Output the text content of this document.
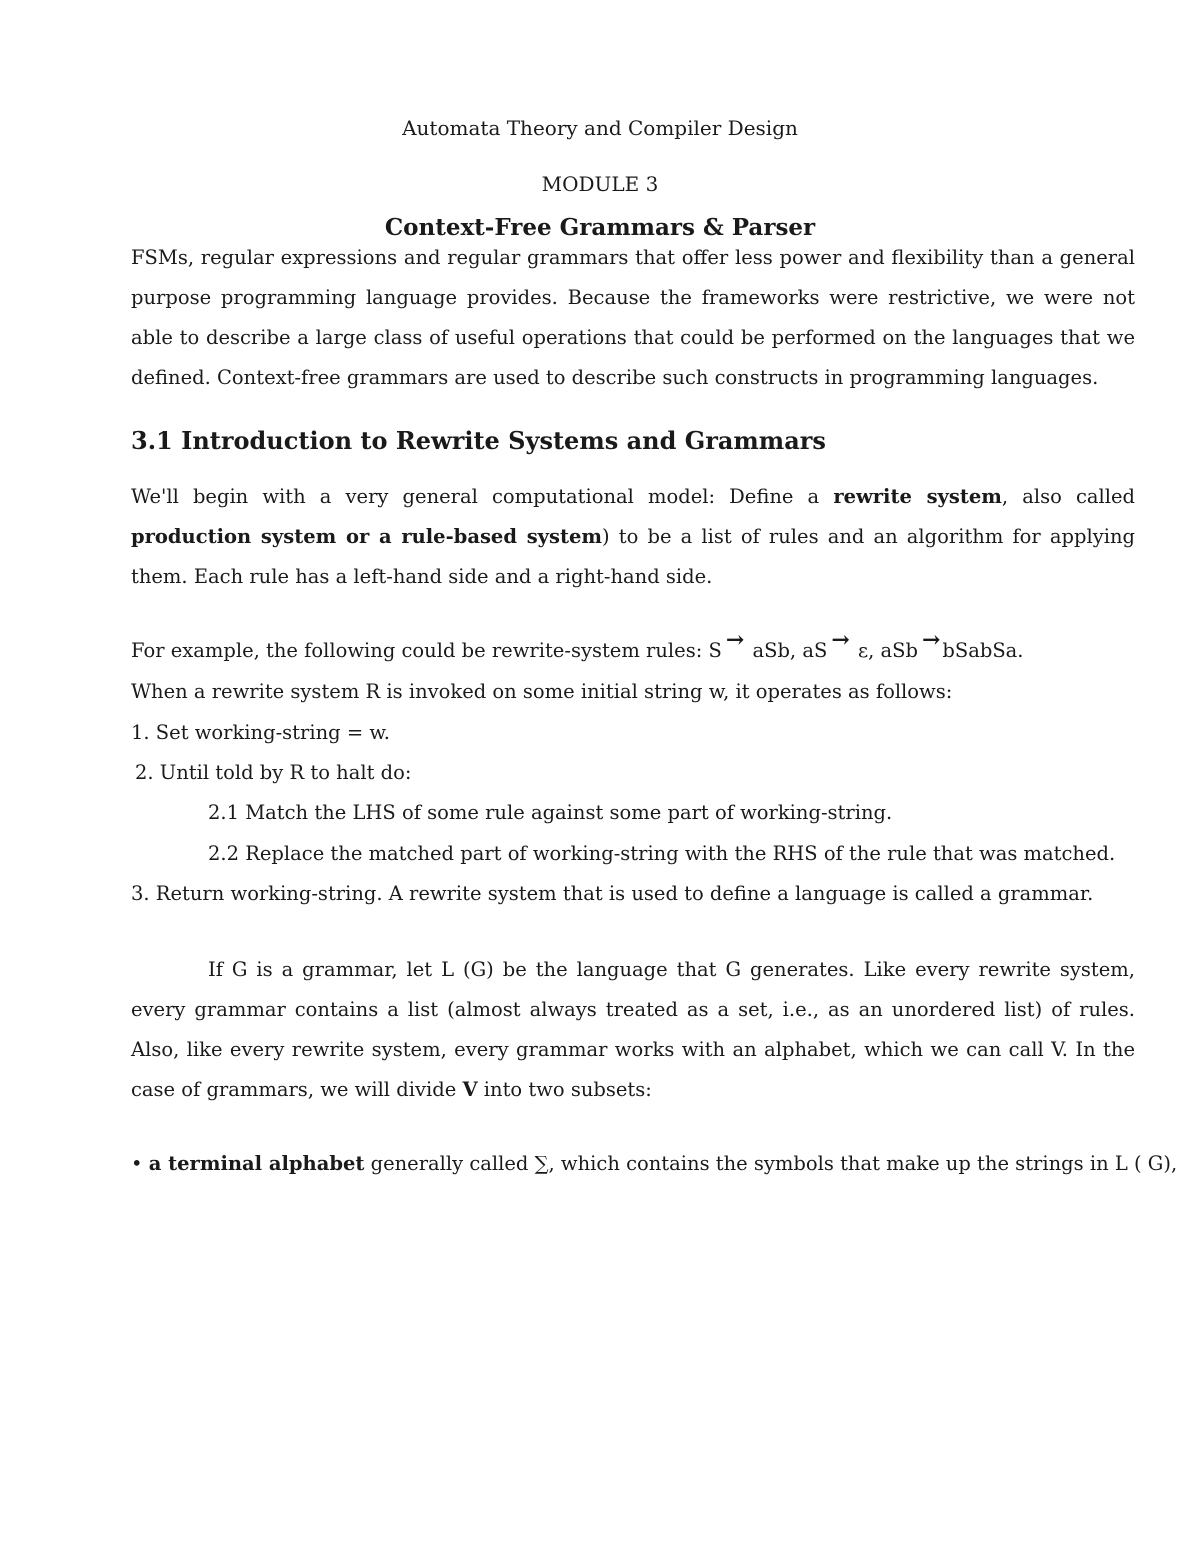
Automata Theory and Compiler Design
MODULE 3
Context-Free Grammars & Parser
FSMs, regular expressions and regular grammars that offer less power and flexibility than a general purpose programming language provides. Because the frameworks were restrictive, we were not able to describe a large class of useful operations that could be performed on the languages that we defined. Context-free grammars are used to describe such constructs in programming languages.
3.1 Introduction to Rewrite Systems and Grammars
We'll begin with a very general computational model: Define a rewrite system, also called production system or a rule-based system) to be a list of rules and an algorithm for applying them. Each rule has a left-hand side and a right-hand side.
For example, the following could be rewrite-system rules: S → aSb, aS → ε, aSb → bSabSa.
When a rewrite system R is invoked on some initial string w, it operates as follows:
1. Set working-string = w.
2. Until told by R to halt do:
2.1 Match the LHS of some rule against some part of working-string.
2.2 Replace the matched part of working-string with the RHS of the rule that was matched.
3. Return working-string. A rewrite system that is used to define a language is called a grammar.
If G is a grammar, let L (G) be the language that G generates. Like every rewrite system, every grammar contains a list (almost always treated as a set, i.e., as an unordered list) of rules. Also, like every rewrite system, every grammar works with an alphabet, which we can call V. In the case of grammars, we will divide V into two subsets:
• a terminal alphabet generally called ∑, which contains the symbols that make up the strings in L ( G),
